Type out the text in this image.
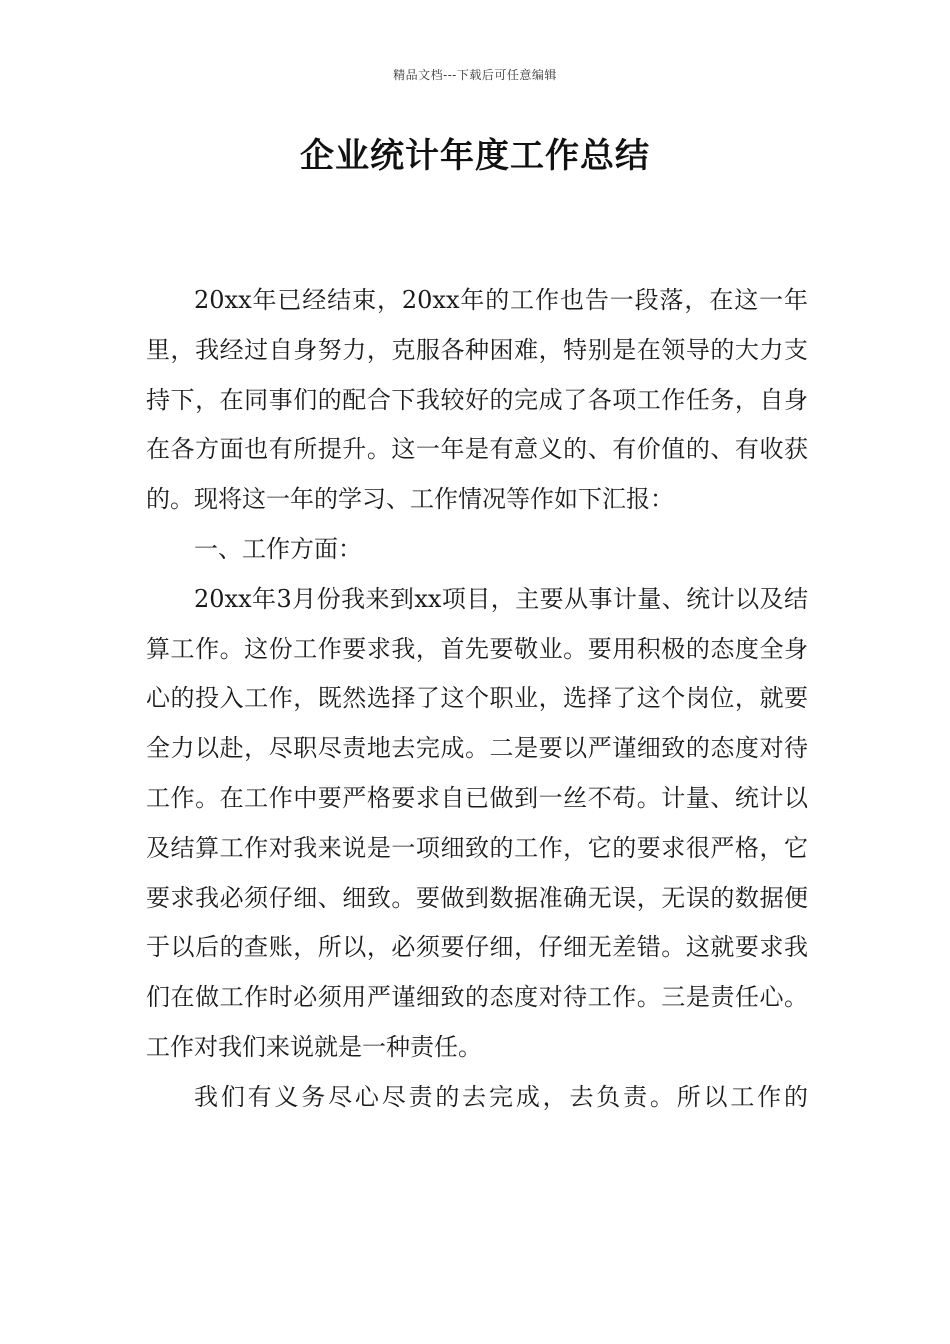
精品文档---下载后可任意编辑
企业统计年度工作总结

20xx年已经结束，20xx年的工作也告一段落，在这一年里，我经过自身努力，克服各种困难，特别是在领导的大力支持下，在同事们的配合下我较好的完成了各项工作任务，自身在各方面也有所提升。这一年是有意义的、有价值的、有收获的。现将这一年的学习、工作情况等作如下汇报：

一、工作方面：

20xx年3月份我来到xx项目，主要从事计量、统计以及结算工作。这份工作要求我，首先要敬业。要用积极的态度全身心的投入工作，既然选择了这个职业，选择了这个岗位，就要全力以赴，尽职尽责地去完成。二是要以严谨细致的态度对待工作。在工作中要严格要求自已做到一丝不苟。计量、统计以及结算工作对我来说是一项细致的工作，它的要求很严格，它要求我必须仔细、细致。要做到数据准确无误，无误的数据便于以后的查账，所以，必须要仔细，仔细无差错。这就要求我们在做工作时必须用严谨细致的态度对待工作。三是责任心。工作对我们来说就是一种责任。

我们有义务尽心尽责的去完成，去负责。所以工作的
